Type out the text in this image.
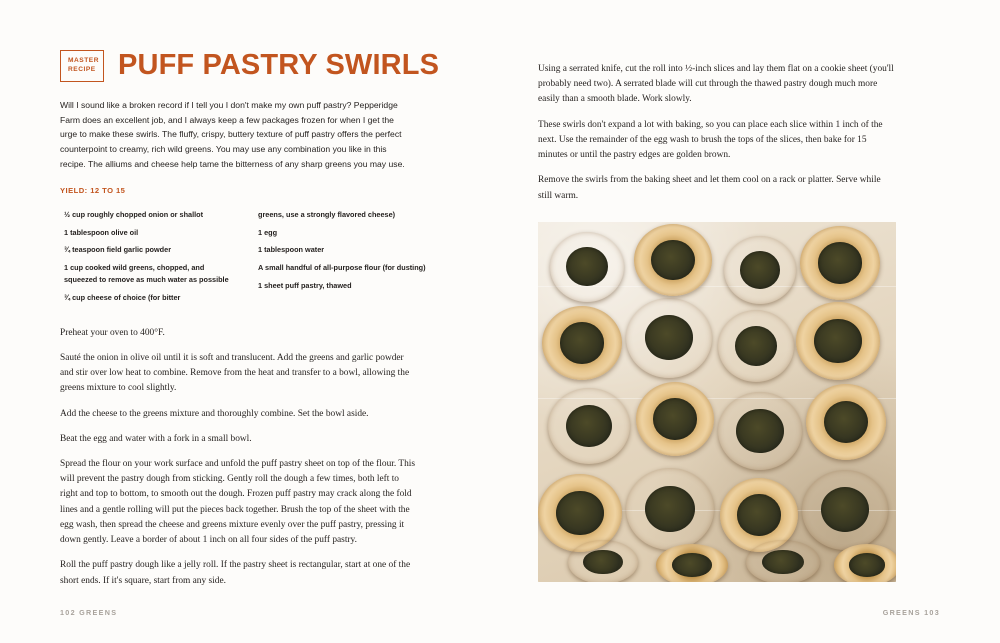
MASTER
RECIPE PUFF PASTRY SWIRLS

Will I sound like a broken record if I tell you I don't make my own puff pastry? Pepperidge Farm does an excellent job, and I always keep a few packages frozen for when I get the urge to make these swirls. The fluffy, crispy, buttery texture of puff pastry offers the perfect counterpoint to creamy, rich wild greens. You may use any combination you like in this recipe. The alliums and cheese help tame the bitterness of any sharp greens you may use.

YIELD: 12 TO 15
½ cup roughly chopped onion or shallot
1 tablespoon olive oil
¾ teaspoon field garlic powder
1 cup cooked wild greens, chopped, and squeezed to remove as much water as possible
¾ cup cheese of choice (for bitter
greens, use a strongly flavored cheese)
1 egg
1 tablespoon water
A small handful of all-purpose flour (for dusting)
1 sheet puff pastry, thawed

Preheat your oven to 400°F.

Sauté the onion in olive oil until it is soft and translucent. Add the greens and garlic powder and stir over low heat to combine. Remove from the heat and transfer to a bowl, allowing the greens mixture to cool slightly.

Add the cheese to the greens mixture and thoroughly combine. Set the bowl aside.

Beat the egg and water with a fork in a small bowl.

Spread the flour on your work surface and unfold the puff pastry sheet on top of the flour. This will prevent the pastry dough from sticking. Gently roll the dough a few times, both left to right and top to bottom, to smooth out the dough. Frozen puff pastry may crack along the fold lines and a gentle rolling will put the pieces back together. Brush the top of the sheet with the egg wash, then spread the cheese and greens mixture evenly over the puff pastry, pressing it down gently. Leave a border of about 1 inch on all four sides of the puff pastry.

Roll the puff pastry dough like a jelly roll. If the pastry sheet is rectangular, start at one of the short ends. If it's square, start from any side.

102 GREENS

Using a serrated knife, cut the roll into ½-inch slices and lay them flat on a cookie sheet (you'll probably need two). A serrated blade will cut through the thawed pastry dough much more easily than a smooth blade. Work slowly.

These swirls don't expand a lot with baking, so you can place each slice within 1 inch of the next. Use the remainder of the egg wash to brush the tops of the slices, then bake for 15 minutes or until the pastry edges are golden brown.

Remove the swirls from the baking sheet and let them cool on a rack or platter. Serve while still warm.

GREENS 103
